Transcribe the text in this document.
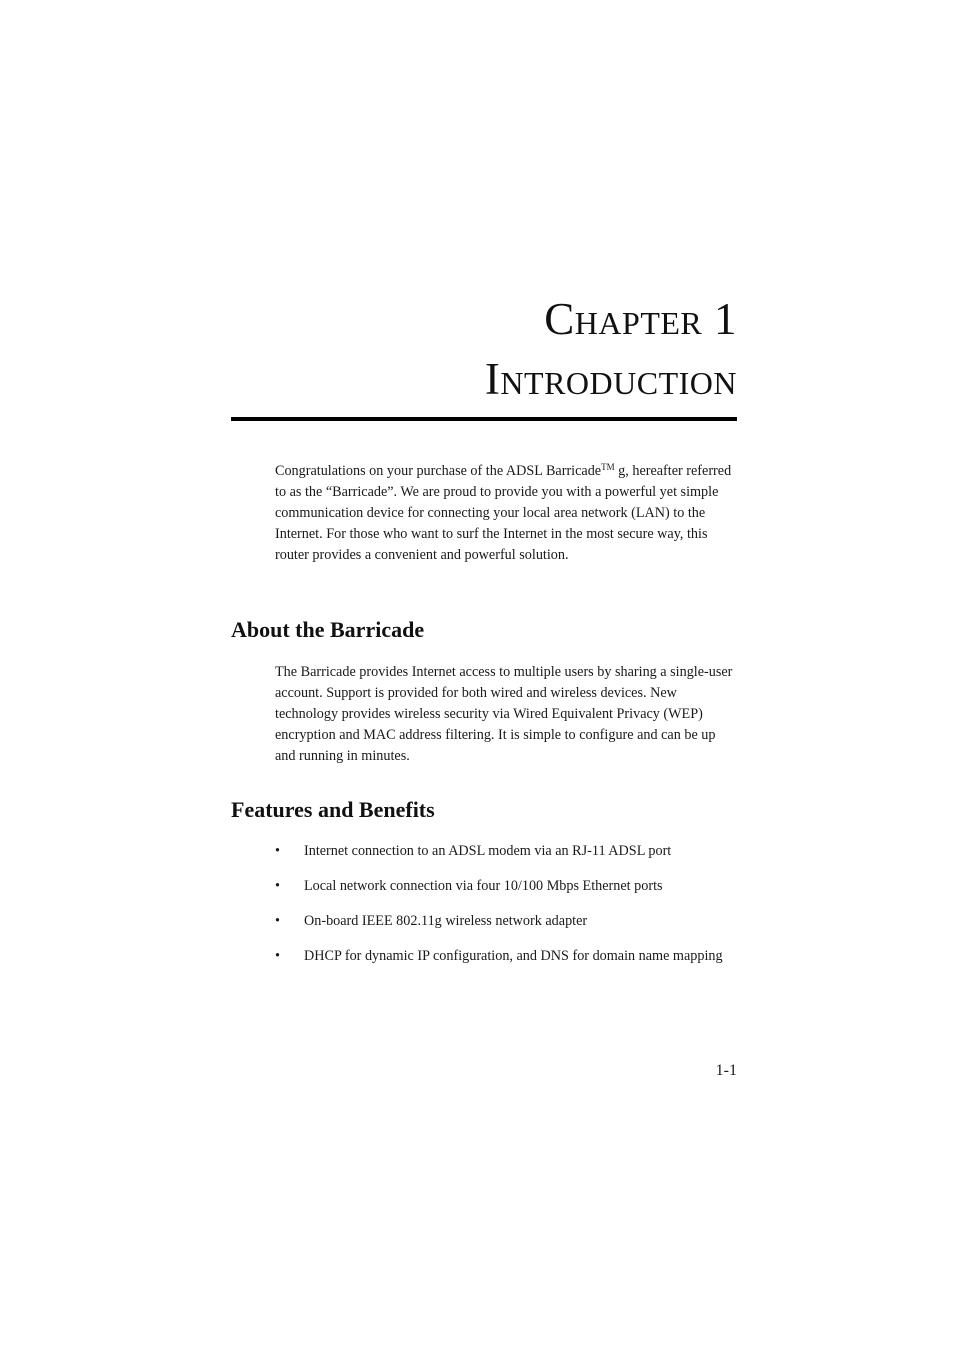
Chapter 1
Introduction

Congratulations on your purchase of the ADSL Barricade™ g, hereafter referred to as the “Barricade”. We are proud to provide you with a powerful yet simple communication device for connecting your local area network (LAN) to the Internet. For those who want to surf the Internet in the most secure way, this router provides a convenient and powerful solution.

About the Barricade

The Barricade provides Internet access to multiple users by sharing a single-user account. Support is provided for both wired and wireless devices. New technology provides wireless security via Wired Equivalent Privacy (WEP) encryption and MAC address filtering. It is simple to configure and can be up and running in minutes.

Features and Benefits
• Internet connection to an ADSL modem via an RJ-11 ADSL port
• Local network connection via four 10/100 Mbps Ethernet ports
• On-board IEEE 802.11g wireless network adapter
• DHCP for dynamic IP configuration, and DNS for domain name mapping
1-1
